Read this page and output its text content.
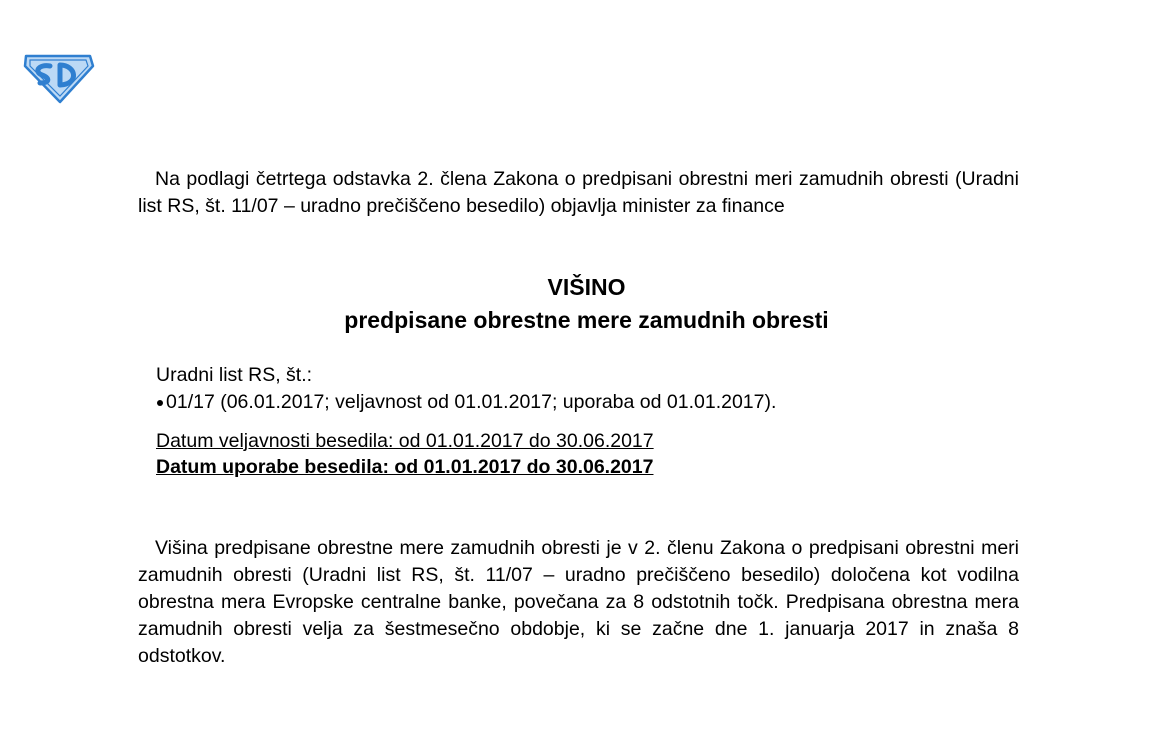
Na podlagi četrtega odstavka 2. člena Zakona o predpisani obrestni meri zamudnih obresti (Uradni list RS, št. 11/07 – uradno prečiščeno besedilo) objavlja minister za finance

VIŠINO
predpisane obrestne mere zamudnih obresti
Uradni list RS, št.:
01/17 (06.01.2017; veljavnost od 01.01.2017; uporaba od 01.01.2017).
Datum veljavnosti besedila: od 01.01.2017 do 30.06.2017
Datum uporabe besedila: od 01.01.2017 do 30.06.2017

Višina predpisane obrestne mere zamudnih obresti je v 2. členu Zakona o predpisani obrestni meri zamudnih obresti (Uradni list RS, št. 11/07 – uradno prečiščeno besedilo) določena kot vodilna obrestna mera Evropske centralne banke, povečana za 8 odstotnih točk. Predpisana obrestna mera zamudnih obresti velja za šestmesečno obdobje, ki se začne dne 1. januarja 2017 in znaša 8 odstotkov.
